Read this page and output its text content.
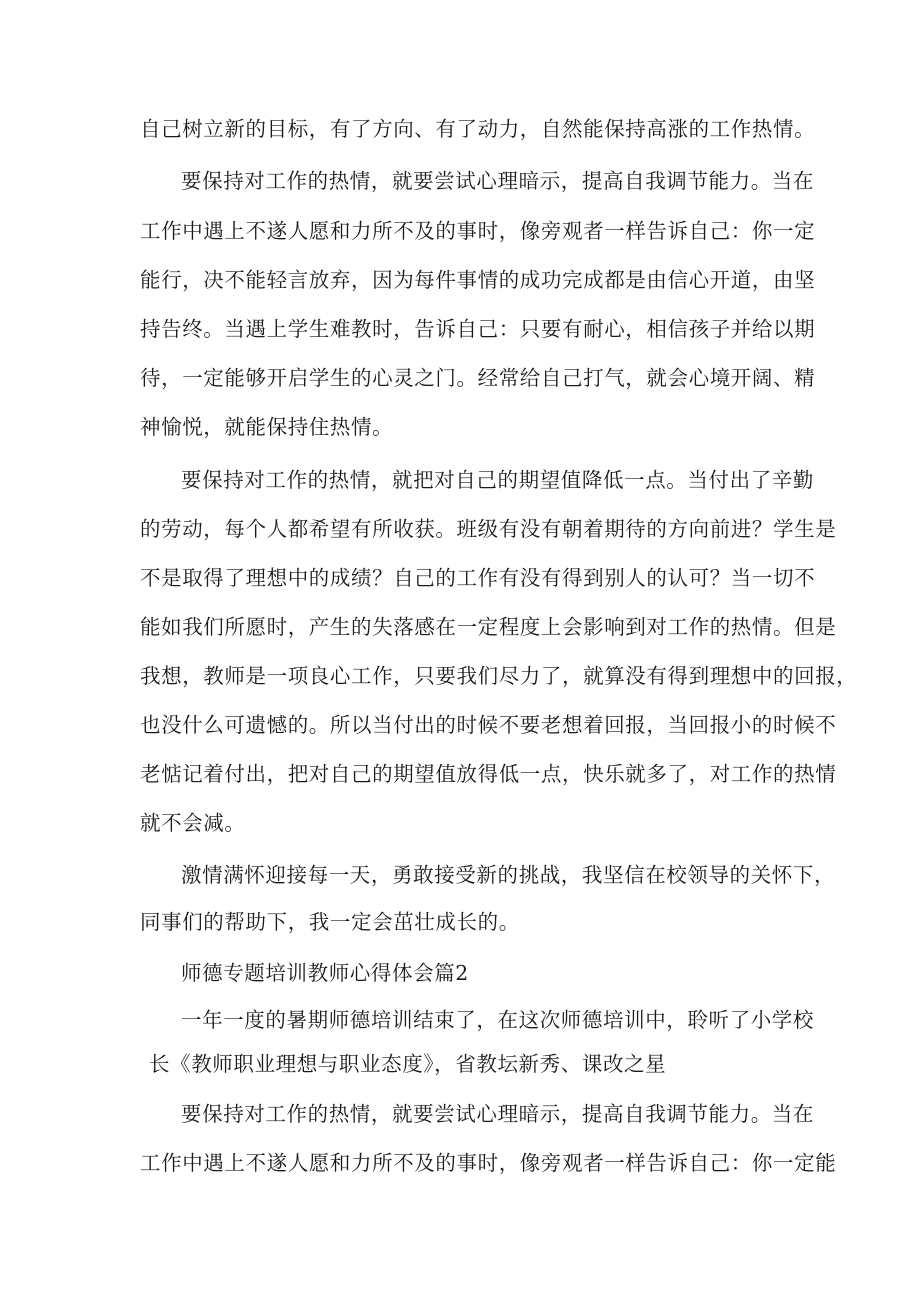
自己树立新的目标，有了方向、有了动力，自然能保持高涨的工作热情。
要保持对工作的热情，就要尝试心理暗示，提高自我调节能力。当在
工作中遇上不遂人愿和力所不及的事时，像旁观者一样告诉自己：你一定
能行，决不能轻言放弃，因为每件事情的成功完成都是由信心开道，由坚
持告终。当遇上学生难教时，告诉自己：只要有耐心，相信孩子并给以期
待，一定能够开启学生的心灵之门。经常给自己打气，就会心境开阔、精
神愉悦，就能保持住热情。
要保持对工作的热情，就把对自己的期望值降低一点。当付出了辛勤
的劳动，每个人都希望有所收获。班级有没有朝着期待的方向前进？学生是
不是取得了理想中的成绩？自己的工作有没有得到别人的认可？当一切不
能如我们所愿时，产生的失落感在一定程度上会影响到对工作的热情。但是
我想，教师是一项良心工作，只要我们尽力了，就算没有得到理想中的回报，
也没什么可遗憾的。所以当付出的时候不要老想着回报，当回报小的时候不
老惦记着付出，把对自己的期望值放得低一点，快乐就多了，对工作的热情
就不会减。
激情满怀迎接每一天，勇敢接受新的挑战，我坚信在校领导的关怀下，
同事们的帮助下，我一定会茁壮成长的。
师德专题培训教师心得体会篇2
一年一度的暑期师德培训结束了，在这次师德培训中，聆听了小学校
长《教师职业理想与职业态度》，省教坛新秀、课改之星
要保持对工作的热情，就要尝试心理暗示，提高自我调节能力。当在
工作中遇上不遂人愿和力所不及的事时，像旁观者一样告诉自己：你一定能
